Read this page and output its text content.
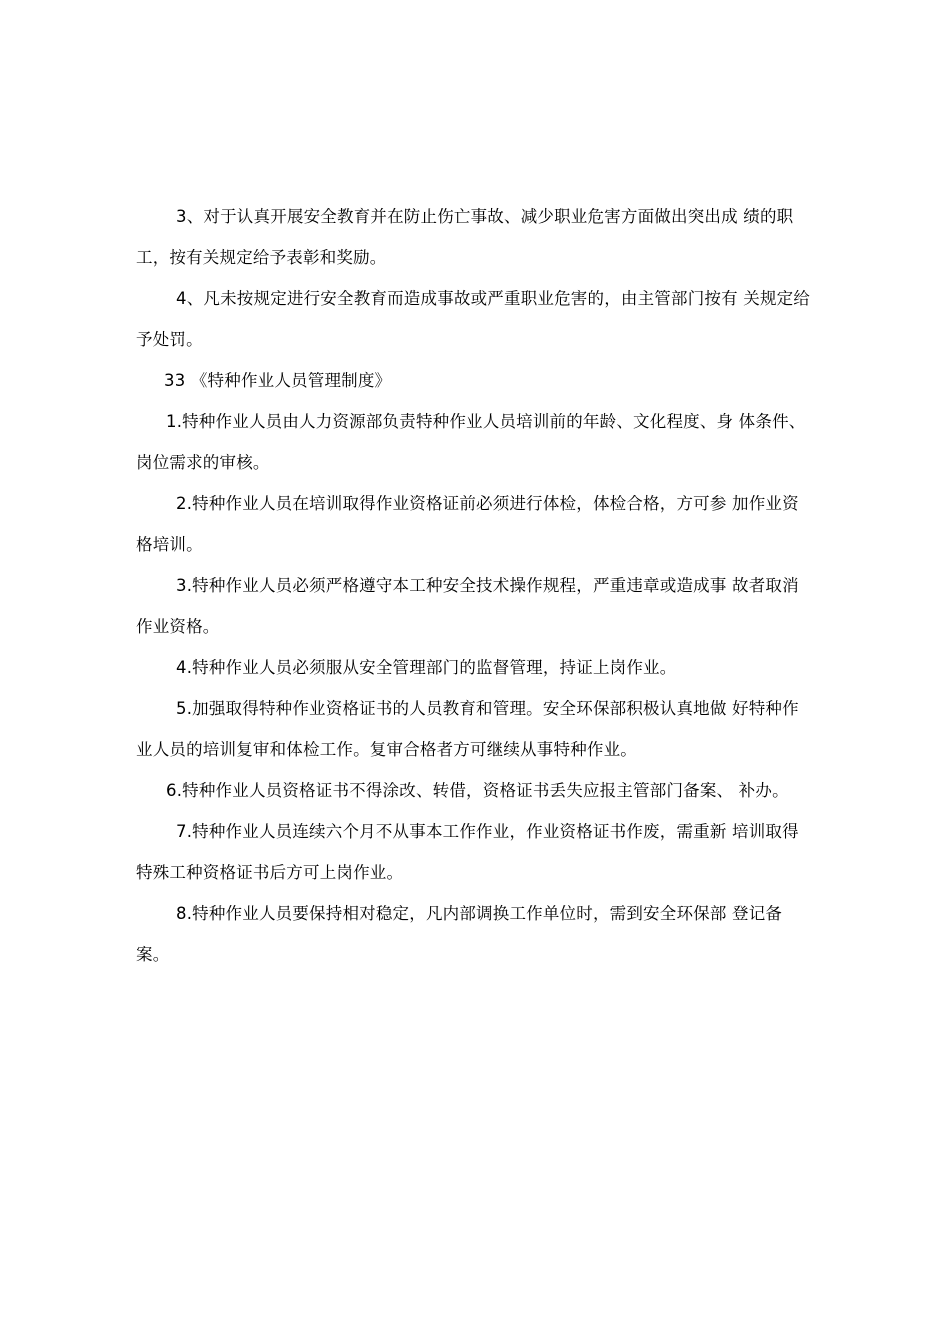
3、对于认真开展安全教育并在防止伤亡事故、减少职业危害方面做出突出成 绩的职工，按有关规定给予表彰和奖励。

4、凡未按规定进行安全教育而造成事故或严重职业危害的，由主管部门按有 关规定给予处罚。

33 《特种作业人员管理制度》

1.特种作业人员由人力资源部负责特种作业人员培训前的年龄、文化程度、身 体条件、岗位需求的审核。

2.特种作业人员在培训取得作业资格证前必须进行体检，体检合格，方可参 加作业资格培训。

3.特种作业人员必须严格遵守本工种安全技术操作规程，严重违章或造成事 故者取消作业资格。

4.特种作业人员必须服从安全管理部门的监督管理，持证上岗作业。

5.加强取得特种作业资格证书的人员教育和管理。安全环保部积极认真地做 好特种作业人员的培训复审和体检工作。复审合格者方可继续从事特种作业。

6.特种作业人员资格证书不得涂改、转借，资格证书丢失应报主管部门备案、 补办。

7.特种作业人员连续六个月不从事本工作作业，作业资格证书作废，需重新 培训取得特殊工种资格证书后方可上岗作业。

8.特种作业人员要保持相对稳定，凡内部调换工作单位时，需到安全环保部 登记备案。
